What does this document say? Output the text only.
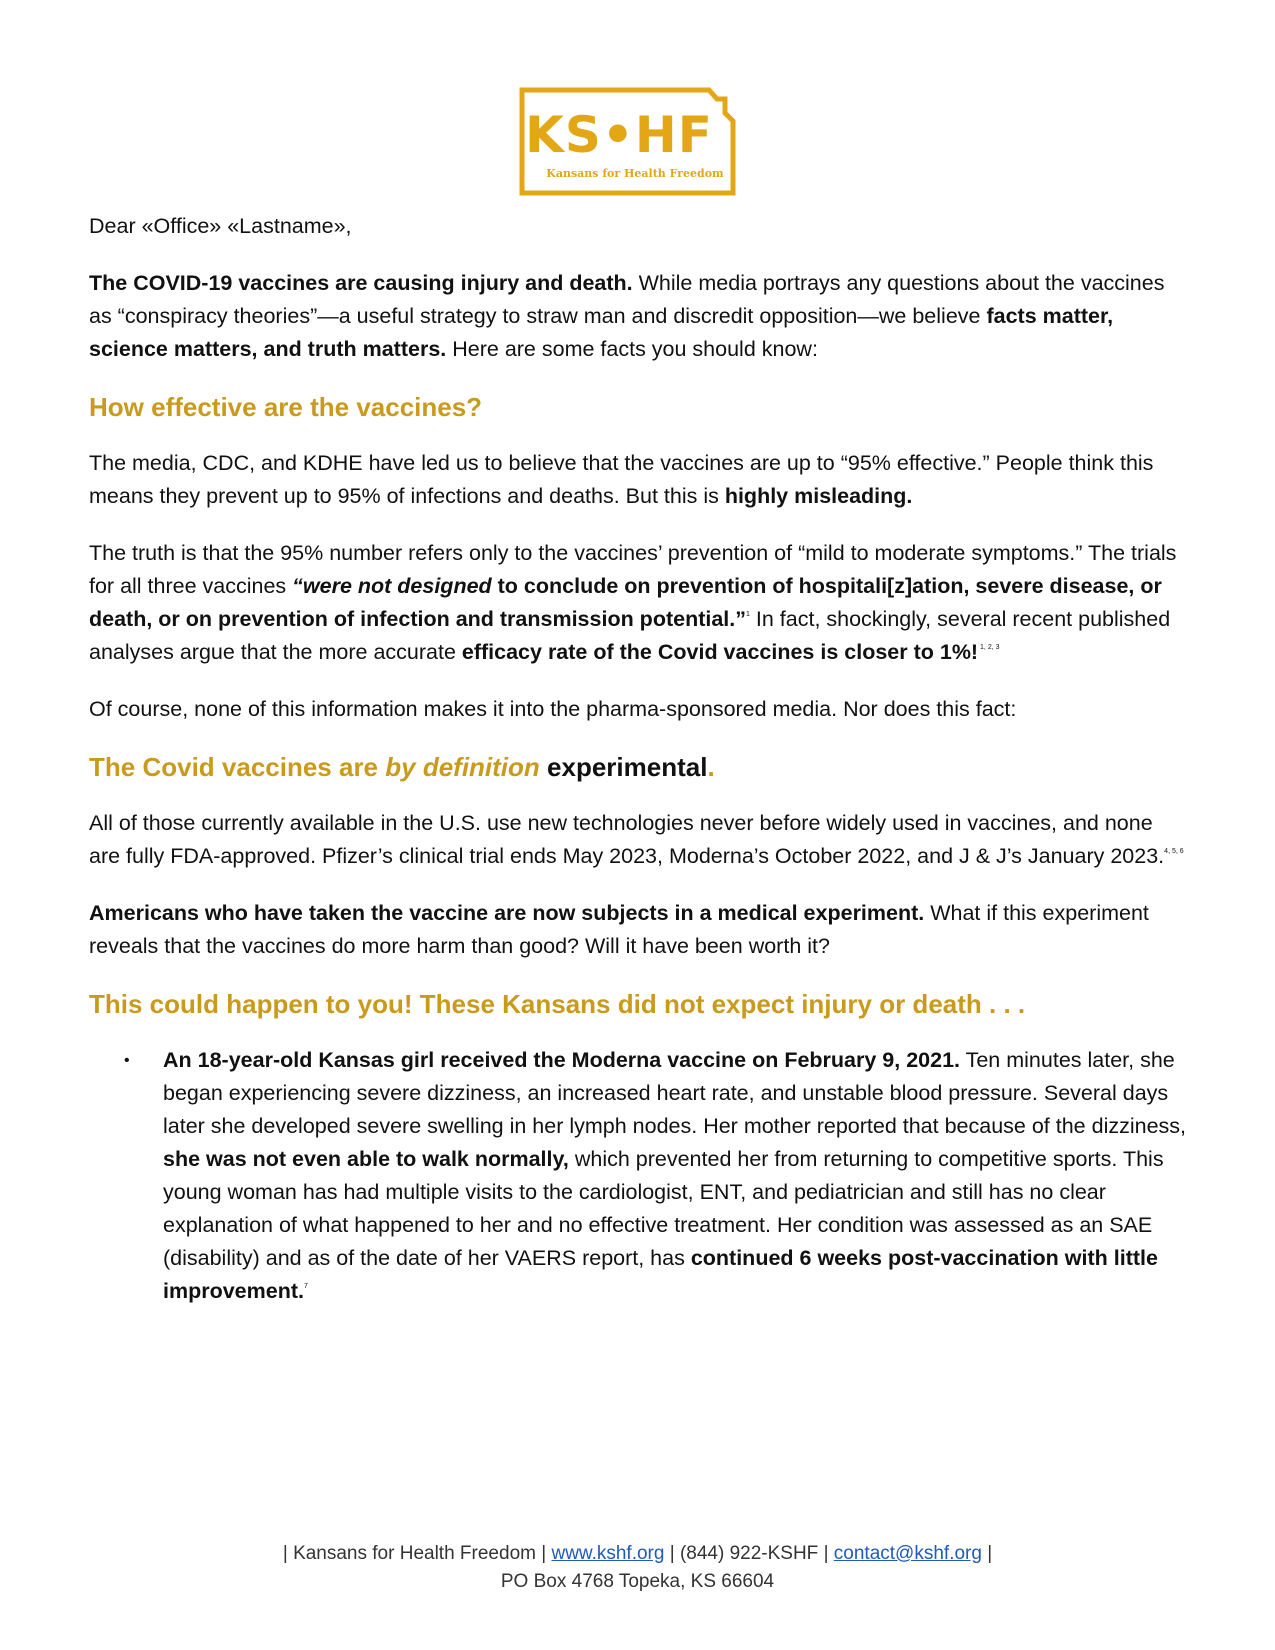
KS•HF
Kansans for Health Freedom

Dear «Office» «Lastname»,

The COVID-19 vaccines are causing injury and death. While media portrays any questions about the vaccines as “conspiracy theories”—a useful strategy to straw man and discredit opposition—we believe facts matter, science matters, and truth matters. Here are some facts you should know:

How effective are the vaccines?

The media, CDC, and KDHE have led us to believe that the vaccines are up to “95% effective.” People think this means they prevent up to 95% of infections and deaths. But this is highly misleading.

The truth is that the 95% number refers only to the vaccines’ prevention of “mild to moderate symptoms.” The trials for all three vaccines “were not designed to conclude on prevention of hospitali[z]ation, severe disease, or death, or on prevention of infection and transmission potential.”$^1$ In fact, shockingly, several recent published analyses argue that the more accurate efficacy rate of the Covid vaccines is closer to 1%! $^{1, 2, 3}$

Of course, none of this information makes it into the pharma-sponsored media. Nor does this fact:

The Covid vaccines are by definition experimental.

All of those currently available in the U.S. use new technologies never before widely used in vaccines, and none are fully FDA-approved. Pfizer’s clinical trial ends May 2023, Moderna’s October 2022, and J & J’s January 2023.$^{4, 5, 6}$

Americans who have taken the vaccine are now subjects in a medical experiment. What if this experiment reveals that the vaccines do more harm than good? Will it have been worth it?

This could happen to you! These Kansans did not expect injury or death . . .
• An 18-year-old Kansas girl received the Moderna vaccine on February 9, 2021. Ten minutes later, she began experiencing severe dizziness, an increased heart rate, and unstable blood pressure. Several days later she developed severe swelling in her lymph nodes. Her mother reported that because of the dizziness, she was not even able to walk normally, which prevented her from returning to competitive sports. This young woman has had multiple visits to the cardiologist, ENT, and pediatrician and still has no clear explanation of what happened to her and no effective treatment. Her condition was assessed as an SAE (disability) and as of the date of her VAERS report, has continued 6 weeks post-vaccination with little improvement.$^7$
| Kansans for Health Freedom | www.kshf.org | (844) 922-KSHF | contact@kshf.org |
PO Box 4768 Topeka, KS 66604
